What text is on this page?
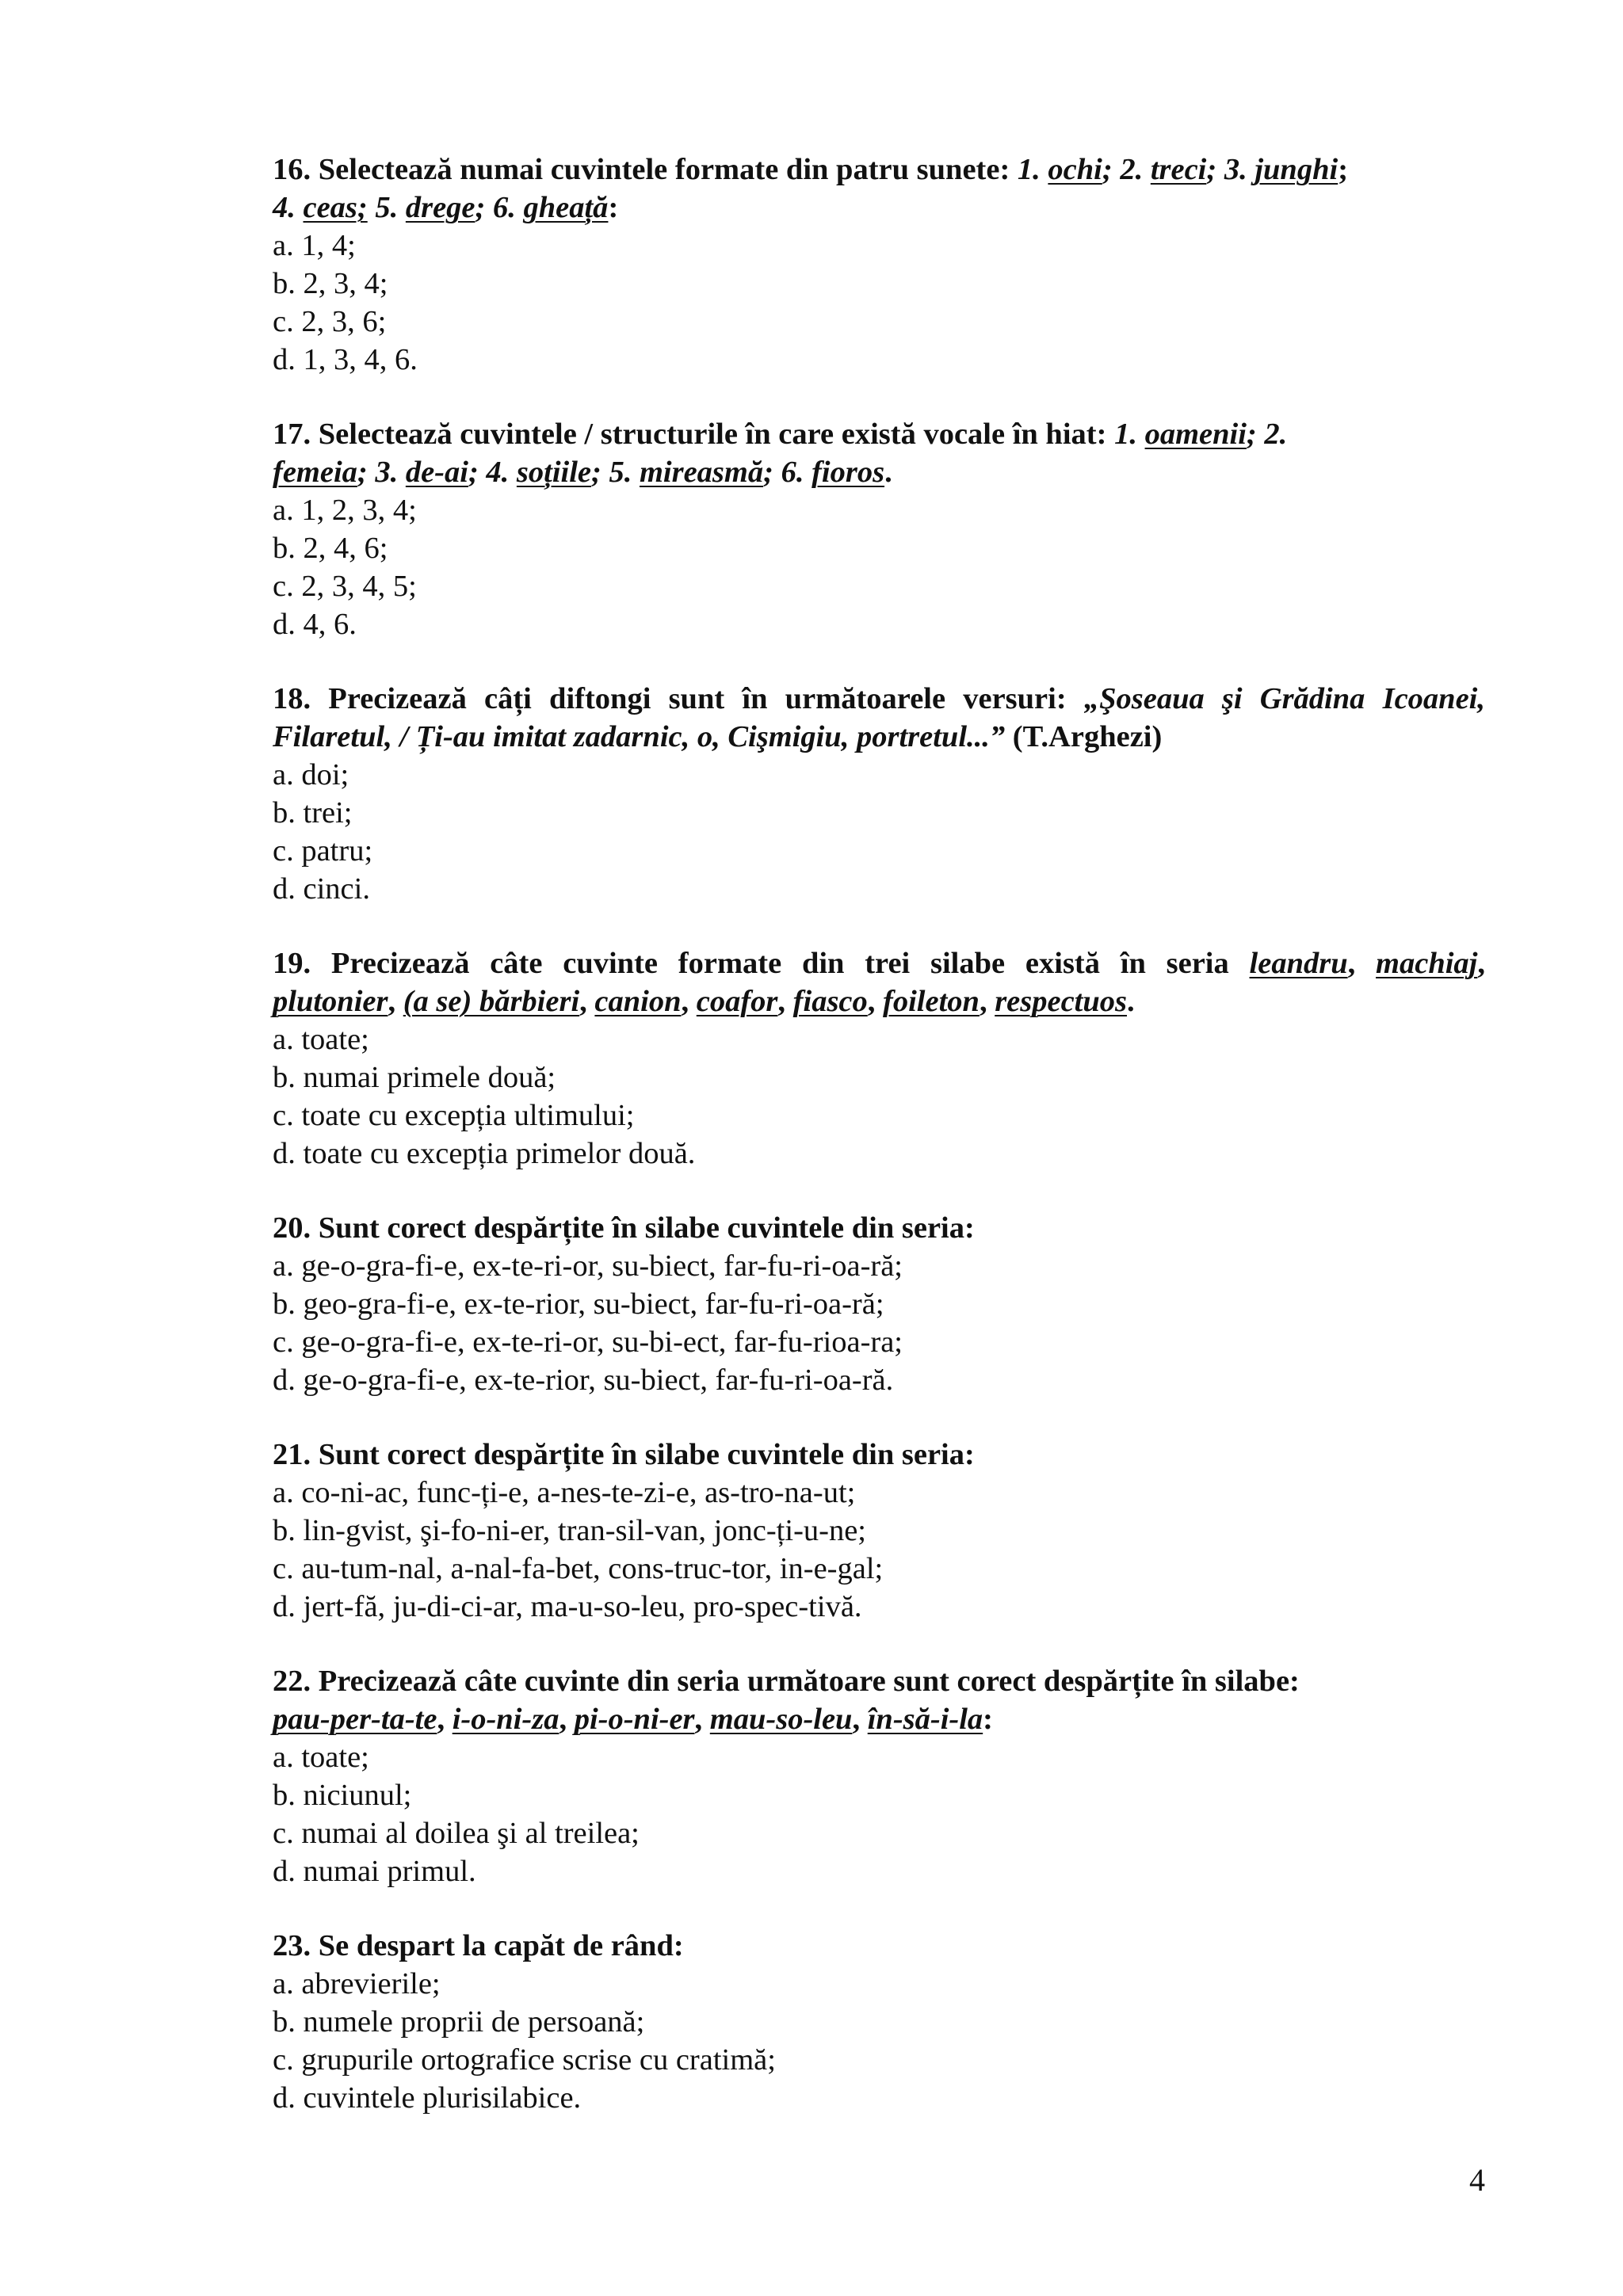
16. Selectează numai cuvintele formate din patru sunete: 1. ochi; 2. treci; 3. junghi;
4. ceas; 5. drege; 6. gheață:

a. 1, 4;

b. 2, 3, 4;

c. 2, 3, 6;

d. 1, 3, 4, 6.

17. Selectează cuvintele / structurile în care există vocale în hiat: 1. oamenii; 2.
femeia; 3. de-ai; 4. soțiile; 5. mireasmă; 6. fioros.

a. 1, 2, 3, 4;

b. 2, 4, 6;

c. 2, 3, 4, 5;

d. 4, 6.

18. Precizează câți diftongi sunt în următoarele versuri: „Şoseaua şi Grădina Icoanei,

Filaretul, / Ți-au imitat zadarnic, o, Cişmigiu, portretul...” (T.Arghezi)

a. doi;

b. trei;

c. patru;

d. cinci.

19. Precizează câte cuvinte formate din trei silabe există în seria leandru, machiaj,

plutonier, (a se) bărbieri, canion, coafor, fiasco, foileton, respectuos.

a. toate;

b. numai primele două;

c. toate cu excepția ultimului;

d. toate cu excepția primelor două.

20. Sunt corect despărțite în silabe cuvintele din seria:

a. ge-o-gra-fi-e, ex-te-ri-or, su-biect, far-fu-ri-oa-ră;

b. geo-gra-fi-e, ex-te-rior, su-biect, far-fu-ri-oa-ră;

c. ge-o-gra-fi-e, ex-te-ri-or, su-bi-ect, far-fu-rioa-ra;

d. ge-o-gra-fi-e, ex-te-rior, su-biect, far-fu-ri-oa-ră.

21. Sunt corect despărțite în silabe cuvintele din seria:

a. co-ni-ac, func-ți-e, a-nes-te-zi-e, as-tro-na-ut;

b. lin-gvist, şi-fo-ni-er, tran-sil-van, jonc-ți-u-ne;

c. au-tum-nal, a-nal-fa-bet, cons-truc-tor, in-e-gal;

d. jert-fă, ju-di-ci-ar, ma-u-so-leu, pro-spec-tivă.

22. Precizează câte cuvinte din seria următoare sunt corect despărțite în silabe:

pau-per-ta-te, i-o-ni-za, pi-o-ni-er, mau-so-leu, în-să-i-la:

a. toate;

b. niciunul;

c. numai al doilea şi al treilea;

d. numai primul.

23. Se despart la capăt de rând:

a. abrevierile;

b. numele proprii de persoană;

c. grupurile ortografice scrise cu cratimă;

d. cuvintele plurisilabice.

4
